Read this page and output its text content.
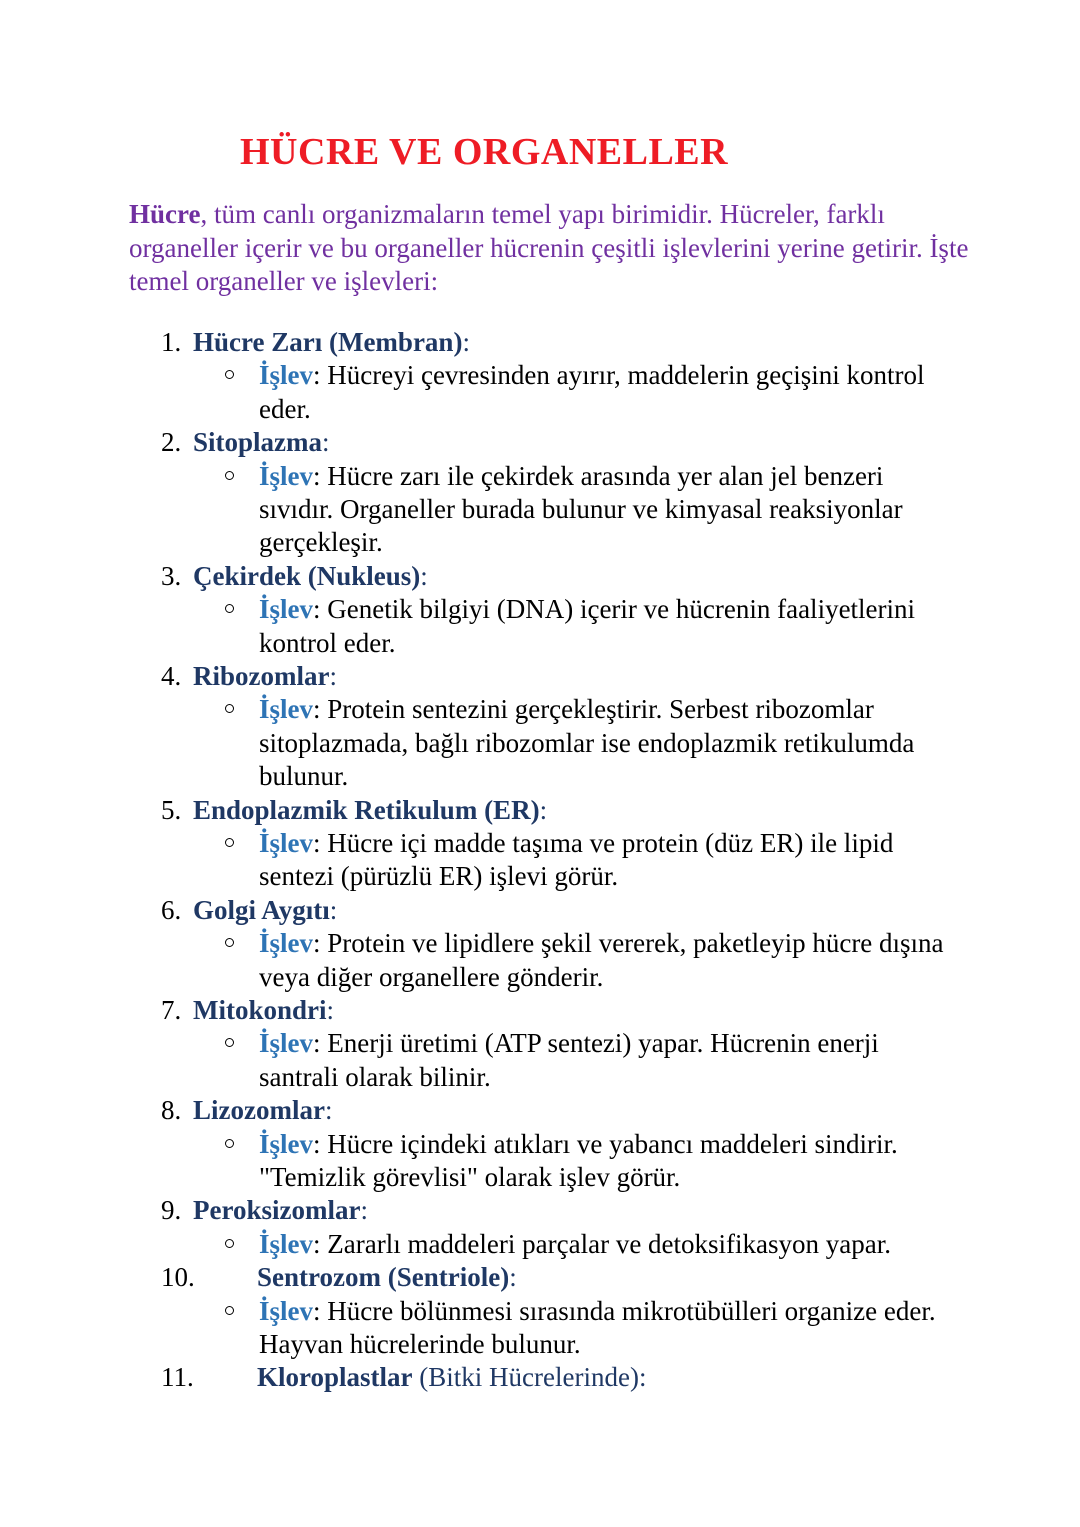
HÜCRE VE ORGANELLER

Hücre, tüm canlı organizmaların temel yapı birimidir. Hücreler, farklı organeller içerir ve bu organeller hücrenin çeşitli işlevlerini yerine getirir. İşte temel organeller ve işlevleri:

1. Hücre Zarı (Membran):
İşlev: Hücreyi çevresinden ayırır, maddelerin geçişini kontrol eder.
2. Sitoplazma:
İşlev: Hücre zarı ile çekirdek arasında yer alan jel benzeri sıvıdır. Organeller burada bulunur ve kimyasal reaksiyonlar gerçekleşir.
3. Çekirdek (Nukleus):
İşlev: Genetik bilgiyi (DNA) içerir ve hücrenin faaliyetlerini kontrol eder.
4. Ribozomlar:
İşlev: Protein sentezini gerçekleştirir. Serbest ribozomlar sitoplazmada, bağlı ribozomlar ise endoplazmik retikulumda bulunur.
5. Endoplazmik Retikulum (ER):
İşlev: Hücre içi madde taşıma ve protein (düz ER) ile lipid sentezi (pürüzlü ER) işlevi görür.
6. Golgi Aygıtı:
İşlev: Protein ve lipidlere şekil vererek, paketleyip hücre dışına veya diğer organellere gönderir.
7. Mitokondri:
İşlev: Enerji üretimi (ATP sentezi) yapar. Hücrenin enerji santrali olarak bilinir.
8. Lizozomlar:
İşlev: Hücre içindeki atıkları ve yabancı maddeleri sindirir. "Temizlik görevlisi" olarak işlev görür.
9. Peroksizomlar:
İşlev: Zararlı maddeleri parçalar ve detoksifikasyon yapar.
10. Sentrozom (Sentriole):
İşlev: Hücre bölünmesi sırasında mikrotübülleri organize eder. Hayvan hücrelerinde bulunur.
11. Kloroplastlar (Bitki Hücrelerinde):
